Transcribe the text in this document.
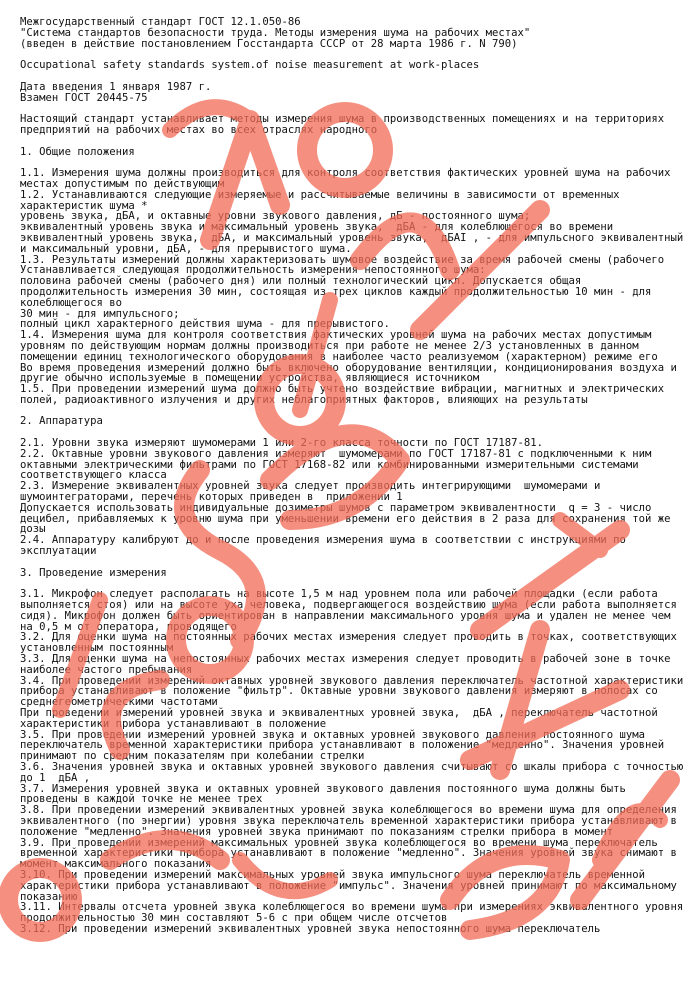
Межгосударственный стандарт ГОСТ 12.1.050-86

"Система стандартов безопасности труда. Методы измерения шума на рабочих местах"

(введен в действие постановлением Госстандарта СССР от 28 марта 1986 г. N 790)

Occupational safety standards system.of noise measurement at work-places

Дата введения 1 января 1987 г.

Взамен ГОСТ 20445-75

Настоящий стандарт устанавливает методы измерения шума в производственных помещениях и на территориях предприятий на рабочих местах во всех отраслях народного

1. Общие положения

1.1. Измерения шума должны производиться для контроля соответствия фактических уровней шума на рабочих местах допустимым по действующим

1.2. Устанавливаются следующие измеряемые и рассчитываемые величины в зависимости от временных характеристик шума *

уровень звука, дБА, и октавные уровни звукового давления, дБ - постоянного шума;

эквивалентный уровень звука и максимальный уровень звука,  дБА - для колеблющегося во времени эквивалентный уровень звука,  дБА, и максимальный уровень звука,  дБAI , - для импульсного эквивалентный и максимальный уровни, дБА, - для прерывистого шума.

1.3. Результаты измерений должны характеризовать шумовое воздействие за время рабочей смены (рабочего

Устанавливается следующая продолжительность измерения непостоянного шума:

половина рабочей смены (рабочего дня) или полный технологический цикл. Допускается общая продолжительность измерения 30 мин, состоящая из трех циклов каждый продолжительностью 10 мин - для колеблющегося во

30 мин - для импульсного;

полный цикл характерного действия шума - для прерывистого.

1.4. Измерения шума для контроля соответствия фактических уровней шума на рабочих местах допустимым уровням по действующим нормам должны производиться при работе не менее 2/3 установленных в данном помещении единиц технологического оборудования в наиболее часто реализуемом (характерном) режиме его

Во время проведения измерений должно быть включено оборудование вентиляции, кондиционирования воздуха и другие обычно используемые в помещении устройства, являющиеся источником

1.5. При проведении измерений шума должно быть учтено воздействие вибрации, магнитных и электрических полей, радиоактивного излучения и других неблагоприятных факторов, влияющих на результаты

2. Аппаратура

2.1. Уровни звука измеряют шумомерами 1 или 2-го класса точности по ГОСТ 17187-81.

2.2. Октавные уровни звукового давления измеряют  шумомерами по ГОСТ 17187-81 с подключенными к ним октавными электрическими фильтрами по ГОСТ 17168-82 или комбинированными измерительными системами соответствующего класса

2.3. Измерение эквивалентных уровней звука следует производить интегрирующими  шумомерами и шумоинтеграторами, перечень которых приведен в  приложении 1

Допускается использовать индивидуальные дозиметры шумов с параметром эквивалентности  q = 3 - число децибел, прибавляемых к уровню шума при уменьшении времени его действия в 2 раза для сохранения той же дозы

2.4. Аппаратуру калибруют до и после проведения измерения шума в соответствии с инструкциями по эксплуатации

3. Проведение измерения

3.1. Микрофон следует располагать на высоте 1,5 м над уровнем пола или рабочей площадки (если работа выполняется стоя) или на высоте уха человека, подвергающегося воздействию шума (если работа выполняется сидя). Микрофон должен быть ориентирован в направлении максимального уровня шума и удален не менее чем на 0,5 м от оператора, проводящего

3.2. Для оценки шума на постоянных рабочих местах измерения следует проводить в точках, соответствующих установленным постоянным

3.3. Для оценки шума на непостоянных рабочих местах измерения следует проводить в рабочей зоне в точке наиболее частого пребывания

3.4. При проведении измерений октавных уровней звукового давления переключатель частотной характеристики прибора устанавливают в положение "фильтр". Октавные уровни звукового давления измеряют в полосах со среднегеометрическими частотами

При проведении измерений уровней звука и эквивалентных уровней звука,  дБА , переключатель частотной характеристики прибора устанавливают в положение

3.5. При проведении измерений уровней звука и октавных уровней звукового давления постоянного шума переключатель временной характеристики прибора устанавливают в положение "медленно". Значения уровней принимают по средним показателям при колебании стрелки

3.6. Значения уровней звука и октавных уровней звукового давления считывают со шкалы прибора с точностью до 1  дБА ,

3.7. Измерения уровней звука и октавных уровней звукового давления постоянного шума должны быть проведены в каждой точке не менее трех

3.8. При проведении измерений эквивалентных уровней звука колеблющегося во времени шума для определения эквивалентного (по энергии) уровня звука переключатель временной характеристики прибора устанавливают в положение "медленно". Значения уровней звука принимают по показаниям стрелки прибора в момент

3.9. При проведении измерений максимальных уровней звука колеблющегося во времени шума переключатель временной характеристики прибора устанавливают в положение "медленно". Значения уровней звука снимают в момент максимального показания

3.10. При проведении измерений максимальных уровней звука импульсного шума переключатель временной характеристики прибора устанавливают в положение "импульс". Значения уровней принимают по максимальному показанию

3.11. Интервалы отсчета уровней звука колеблющегося во времени шума при измерениях эквивалентного уровня продолжительностью 30 мин составляют 5-6 с при общем числе отсчетов

3.12. При проведении измерений эквивалентных уровней звука непостоянного шума переключатель
